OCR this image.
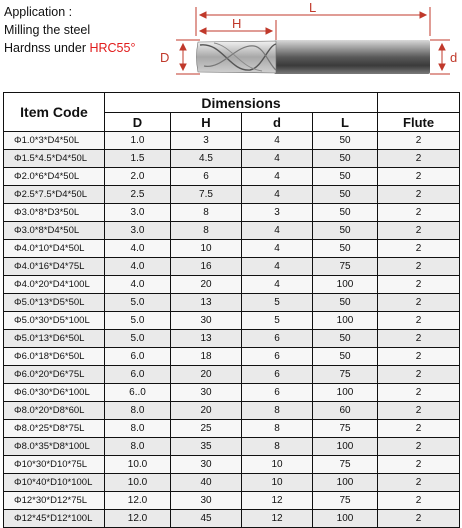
Application :
Milling the steel
Hardnss under HRC55°
L
H
D	d
Item Code	Dimensions				
	D	H	d	L	Flute
Φ1.0*3*D4*50L	1.0	3	4	50	2
Φ1.5*4.5*D4*50L	1.5	4.5	4	50	2
Φ2.0*6*D4*50L	2.0	6	4	50	2
Φ2.5*7.5*D4*50L	2.5	7.5	4	50	2
Φ3.0*8*D3*50L	3.0	8	3	50	2
Φ3.0*8*D4*50L	3.0	8	4	50	2
Φ4.0*10*D4*50L	4.0	10	4	50	2
Φ4.0*16*D4*75L	4.0	16	4	75	2
Φ4.0*20*D4*100L	4.0	20	4	100	2
Φ5.0*13*D5*50L	5.0	13	5	50	2
Φ5.0*30*D5*100L	5.0	30	5	100	2
Φ5.0*13*D6*50L	5.0	13	6	50	2
Φ6.0*18*D6*50L	6.0	18	6	50	2
Φ6.0*20*D6*75L	6.0	20	6	75	2
Φ6.0*30*D6*100L	6..0	30	6	100	2
Φ8.0*20*D8*60L	8.0	20	8	60	2
Φ8.0*25*D8*75L	8.0	25	8	75	2
Φ8.0*35*D8*100L	8.0	35	8	100	2
Φ10*30*D10*75L	10.0	30	10	75	2
Φ10*40*D10*100L	10.0	40	10	100	2
Φ12*30*D12*75L	12.0	30	12	75	2
Φ12*45*D12*100L	12.0	45	12	100	2
